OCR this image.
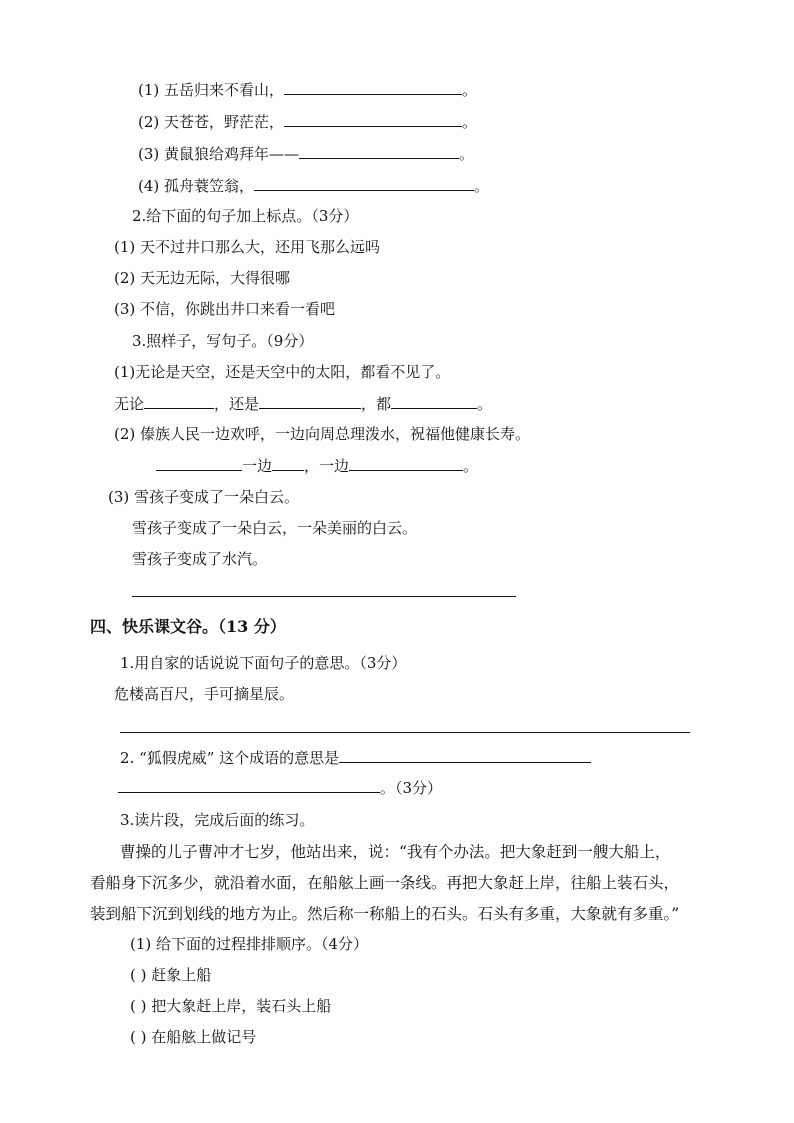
(1) 五岳归来不看山，	。
(2) 天苍苍，野茫茫，	。
(3) 黄鼠狼给鸡拜年——	。
(4) 孤舟蓑笠翁，	。
2.给下面的句子加上标点。（3分）
(1) 天不过井口那么大，还用飞那么远吗
(2) 天无边无际，大得很哪
(3) 不信，你跳出井口来看一看吧
3.照样子，写句子。（9分）
(1)无论是天空，还是天空中的太阳，都看不见了。
无论	，还是	，都	。
(2) 傣族人民一边欢呼，一边向周总理泼水，祝福他健康长寿。
一边 ，一边	。
(3) 雪孩子变成了一朵白云。
雪孩子变成了一朵白云，一朵美丽的白云。
雪孩子变成了水汽。
四、快乐课文谷。（13 分）
1.用自家的话说说下面句子的意思。（3分）
危楼高百尺，手可摘星辰。
2. “狐假虎威” 这个成语的意思是
。（3分）
3.读片段，完成后面的练习。
曹操的儿子曹冲才七岁，他站出来，说：“我有个办法。把大象赶到一艘大船上，
看船身下沉多少，就沿着水面，在船舷上画一条线。再把大象赶上岸，往船上装石头，
装到船下沉到划线的地方为止。然后称一称船上的石头。石头有多重，大象就有多重。”
(1) 给下面的过程排排顺序。（4分）
( ) 赶象上船
( ) 把大象赶上岸，装石头上船
( ) 在船舷上做记号
